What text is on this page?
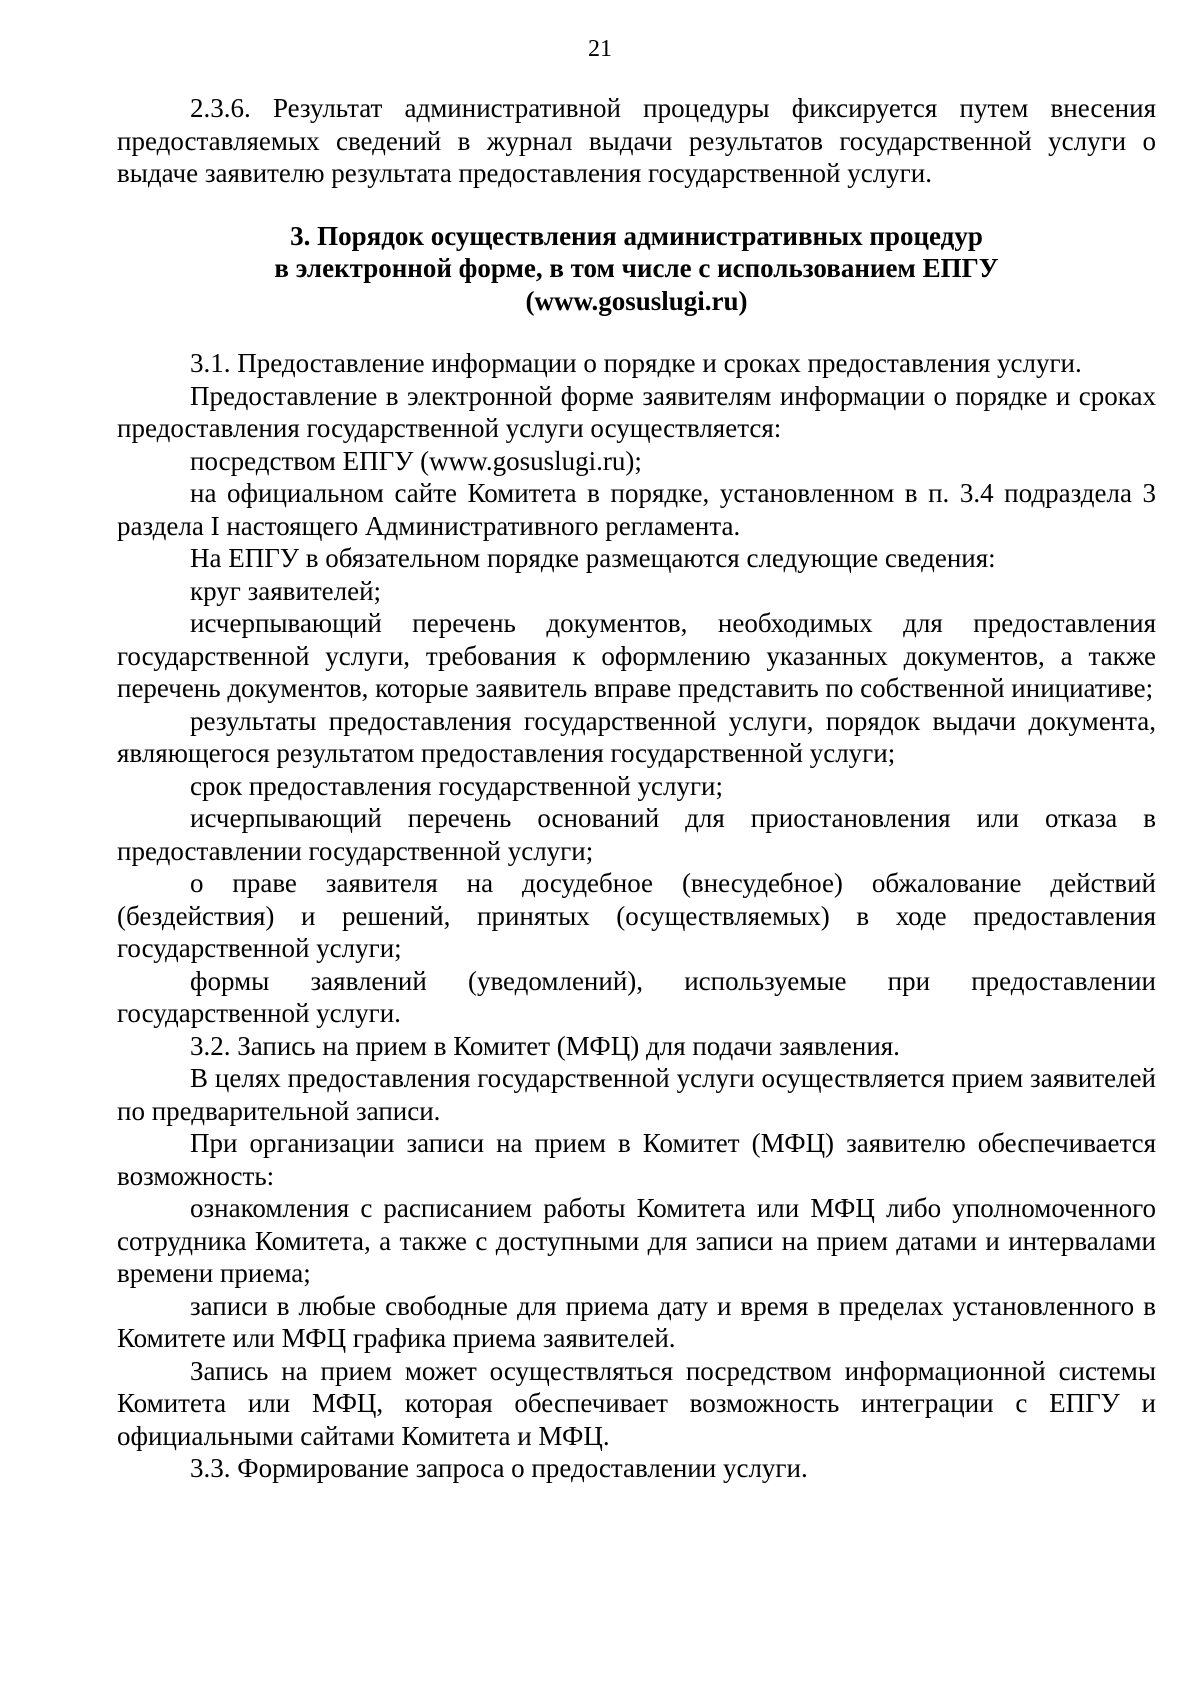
21

2.3.6. Результат административной процедуры фиксируется путем внесения предоставляемых сведений в журнал выдачи результатов государственной услуги о выдаче заявителю результата предоставления государственной услуги.

3. Порядок осуществления административных процедур
в электронной форме, в том числе с использованием ЕПГУ
(www.gosuslugi.ru)

3.1. Предоставление информации о порядке и сроках предоставления услуги.

Предоставление в электронной форме заявителям информации о порядке и сроках предоставления государственной услуги осуществляется:

посредством ЕПГУ (www.gosuslugi.ru);

на официальном сайте Комитета в порядке, установленном в п. 3.4 подраздела 3 раздела I настоящего Административного регламента.

На ЕПГУ в обязательном порядке размещаются следующие сведения:

круг заявителей;

исчерпывающий перечень документов, необходимых для предоставления государственной услуги, требования к оформлению указанных документов, а также перечень документов, которые заявитель вправе представить по собственной инициативе;

результаты предоставления государственной услуги, порядок выдачи документа, являющегося результатом предоставления государственной услуги;

срок предоставления государственной услуги;

исчерпывающий перечень оснований для приостановления или отказа в предоставлении государственной услуги;

о праве заявителя на досудебное (внесудебное) обжалование действий (бездействия) и решений, принятых (осуществляемых) в ходе предоставления государственной услуги;

формы заявлений (уведомлений), используемые при предоставлении государственной услуги.

3.2. Запись на прием в Комитет (МФЦ) для подачи заявления.

В целях предоставления государственной услуги осуществляется прием заявителей по предварительной записи.

При организации записи на прием в Комитет (МФЦ) заявителю обеспечивается возможность:

ознакомления с расписанием работы Комитета или МФЦ либо уполномоченного сотрудника Комитета, а также с доступными для записи на прием датами и интервалами времени приема;

записи в любые свободные для приема дату и время в пределах установленного в Комитете или МФЦ графика приема заявителей.

Запись на прием может осуществляться посредством информационной системы Комитета или МФЦ, которая обеспечивает возможность интеграции с ЕПГУ и официальными сайтами Комитета и МФЦ.

3.3. Формирование запроса о предоставлении услуги.
